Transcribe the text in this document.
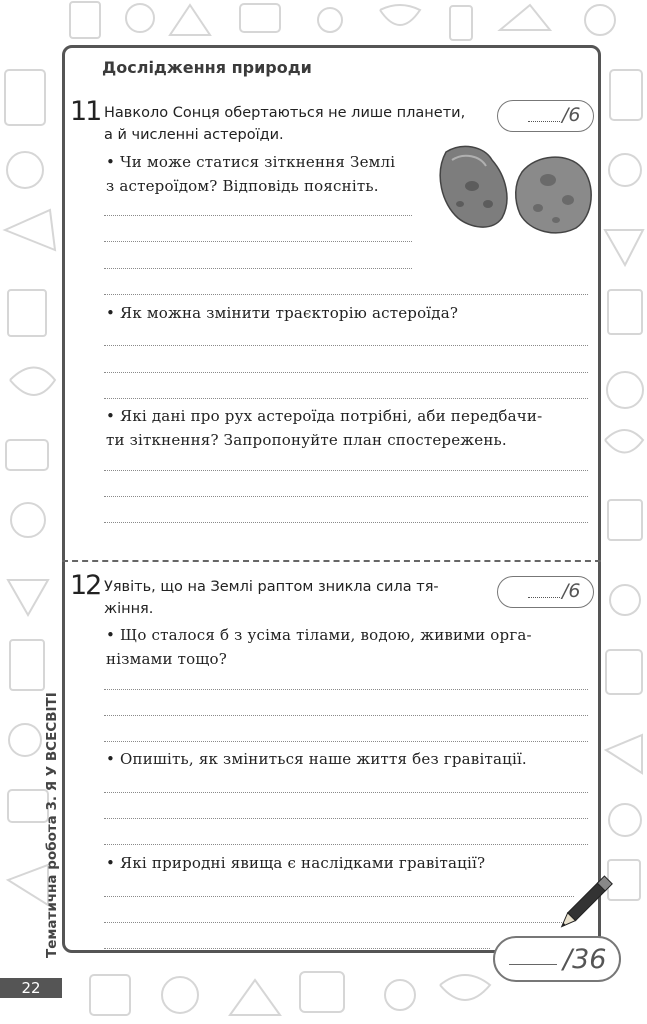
Дослідження природи
11 Навколо Сонця обертаються не лише планети,
а й численні астероїди.
/6
• Чи може статися зіткнення Землі
з астероїдом? Відповідь поясніть.
• Як можна змінити траєкторію астероїда?
• Які дані про рух астероїда потрібні, аби передбачи-
ти зіткнення? Запропонуйте план спостережень.
12 Уявіть, що на Землі раптом зникла сила тя-
жіння.
/6
• Що сталося б з усіма тілами, водою, живими орга-
нізмами тощо?
• Опишіть, як зміниться наше життя без гравітації.
• Які природні явища є наслідками гравітації?
/36
Тематична робота 3. Я У ВСЕСВІТІ
22
